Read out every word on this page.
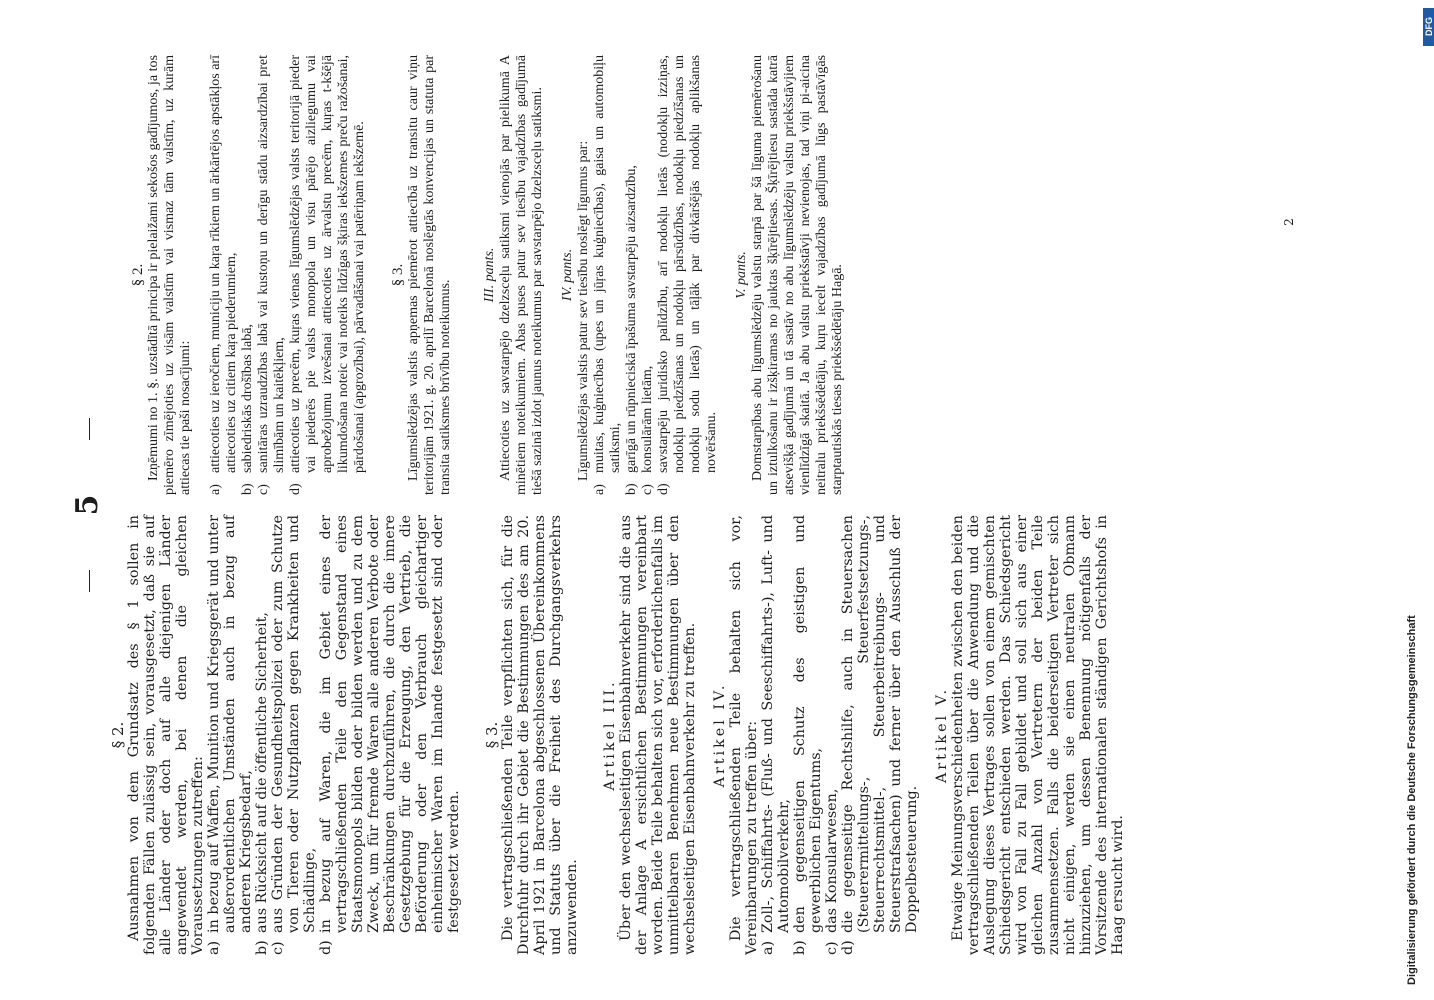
5

§ 2. Ausnahmen von dem Grundsatz des § 1 sollen in folgenden Fällen zulässig sein, vorausgesetzt, daß sie auf alle Länder oder doch auf alle diejenigen Länder angewendet werden, bei denen die gleichen Voraussetzungen zutreffen: a)
in bezug auf Waffen, Munition und Kriegsgerät und unter außerordentlichen Umständen auch in bezug auf anderen Kriegsbedarf,
b)
aus Rücksicht auf die öffentliche Sicherheit,
c)
aus Gründen der Gesundheitspolizei oder zum Schutze von Tieren oder Nutzpflanzen gegen Krankheiten und Schädlinge,
d)
in bezug auf Waren, die im Gebiet eines der vertragschließenden Teile den Gegenstand eines Staatsmonopols bilden oder bilden werden und zu dem Zweck, um für fremde Waren alle anderen Verbote oder Beschränkungen durchzuführen, die durch die innere Gesetzgebung für die Erzeugung, den Vertrieb, die Beförderung oder den Verbrauch gleichartiger einheimischer Waren im Inlande festgesetzt sind oder festgesetzt werden.

§ 3. Die vertragschließenden Teile verpflichten sich, für die Durchfuhr durch ihr Gebiet die Bestimmungen des am 20. April 1921 in Barcelona abgeschlossenen Übereinkommens und Statuts über die Freiheit des Durchgangsverkehrs anzuwenden.

Artikel III. Über den wechselseitigen Eisenbahnverkehr sind die aus der Anlage A ersichtlichen Bestimmungen vereinbart worden. Beide Teile behalten sich vor, erforderlichenfalls im unmittelbaren Benehmen neue Bestimmungen über den wechselseitigen Eisenbahnverkehr zu treffen. Artikel IV. Die vertragschließenden Teile behalten sich vor, Vereinbarungen zu treffen über: a)
Zoll-, Schiffahrts- (Fluß- und Seeschiffahrts-), Luft- und Automobilverkehr,
b)
den gegenseitigen Schutz des geistigen und gewerblichen Eigentums,
c)
das Konsularwesen,
d)
die gegenseitige Rechtshilfe, auch in Steuersachen (Steuerermittelungs-, Steuerfestsetzungs-, Steuerrechtsmittel-, Steuerbeitreibungs- und Steuerstrafsachen) und ferner über den Ausschluß der Doppelbesteuerung.

Artikel V. Etwaige Meinungsverschiedenheiten zwischen den beiden vertragschließenden Teilen über die Anwendung und die Auslegung dieses Vertrages sollen von einem gemischten Schiedsgericht entschieden werden. Das Schiedsgericht wird von Fall zu Fall gebildet und soll sich aus einer gleichen Anzahl von Vertretern der beiden Teile zusammensetzen. Falls die beiderseitigen Vertreter sich nicht einigen, werden sie einen neutralen Obmann hinzuziehen, um dessen Benennung nötigenfalls der Vorsitzende des internationalen ständigen Gerichtshofs in Haag ersucht wird.

§ 2. Izņēmumi no 1. §. uzstādītā principa ir pielaižami sekošos gadījumos, ja tos piemēro zīmējoties uz visām valstīm vai vismaz tām valstīm, uz kurām attiecas tie paši nosacījumi: a)
attiecoties uz ieročiem, municiju un kaŗa rīkiem un ārkārtējos apstākļos arī attiecoties uz citiem kaŗa piederumiem,
b)
sabiedriskās drošības labā,
c)
sanitāras uzraudzības labā vai kustoņu un derīgu stādu aizsardzībai pret slimībām un kaitēkļiem,
d)
attiecoties uz precēm, kuŗas vienas līgumslēdzējas valsts teritorijā pieder vai piederēs pie valsts monopola un visu pārējo aizliegumu vai aprobežojumu izvešanai attiecoties uz ārvalstu precēm, kuŗas t-kšējā likumdošana notеic vai noteiks līdzīgas šķiras iekšzemes preču ražošanai, pārdošanai (apgrozībai), pārvadāšanai vai patēriņam iekšzemē. § 3. Līgumslēdzējas valstis apņemas piemērot attiecībā uz transitu caur viņu teritorijām 1921. g. 20. aprilī Barcelonā noslēgtās konvencijas un statuta par transita satiksmes brīvību noteikumus.

III. pants. Attiecoties uz savstarpējo dzelzsceļu satiksmi vienojās par pielikumā A minētiem noteikumiem. Abas puses patur sev tiesību vajadzības gadījumā tiešā sazinā izdot jaunus noteikumus par savstarpējo dzelzsceļu satiksmi. IV. pants. Līgumslēdzējas valstis patur sev tiesību noslēgt līgumus par:

a)
muitas, kuģniecības (upes un jūŗas kuģniecības), gaisa un automobiļu satiksmi,
b)
garīgā un rūpnieciskā īpašuma savstarpēju aizsardzību,
c)
konsulārām lietām,
d)
savstarpēju juridisko palīdzību, arī nodokļu lietās (nodokļu izziņas, nodokļu piedzīšanas un nodokļu pārsūdzības, nodokļu piedzīšanas un nodokļu sodu lietās) un tāļāk par divkāršējās nodokļu aplikšanas novēršanu.

V. pants. Domstarpības abu līgumslēdzēju valstu starpā par šā līguma piemērošanu un iztulkošanu ir izšķiramas no jauktas šķīrējtiesas. Šķīrējtiesu sastāda katrā atsevišķā gadījumā un tā sastāv no abu līgumslēdzēju valstu priekšstāvjiem vienlīdzīgā skaitā. Ja abu valstu priekšstāvji nevienojas, tad viņi pi-aicina neitralu priekšsēdētāju, kuŗu iecelt vajadzības gadījumā lūgs pastāvīgās starptautiskās tiesas priekšsēdētāju Hagā.

2
Digitalisierung gefördert durch die Deutsche Forschungsgemeinschaft
DFG
